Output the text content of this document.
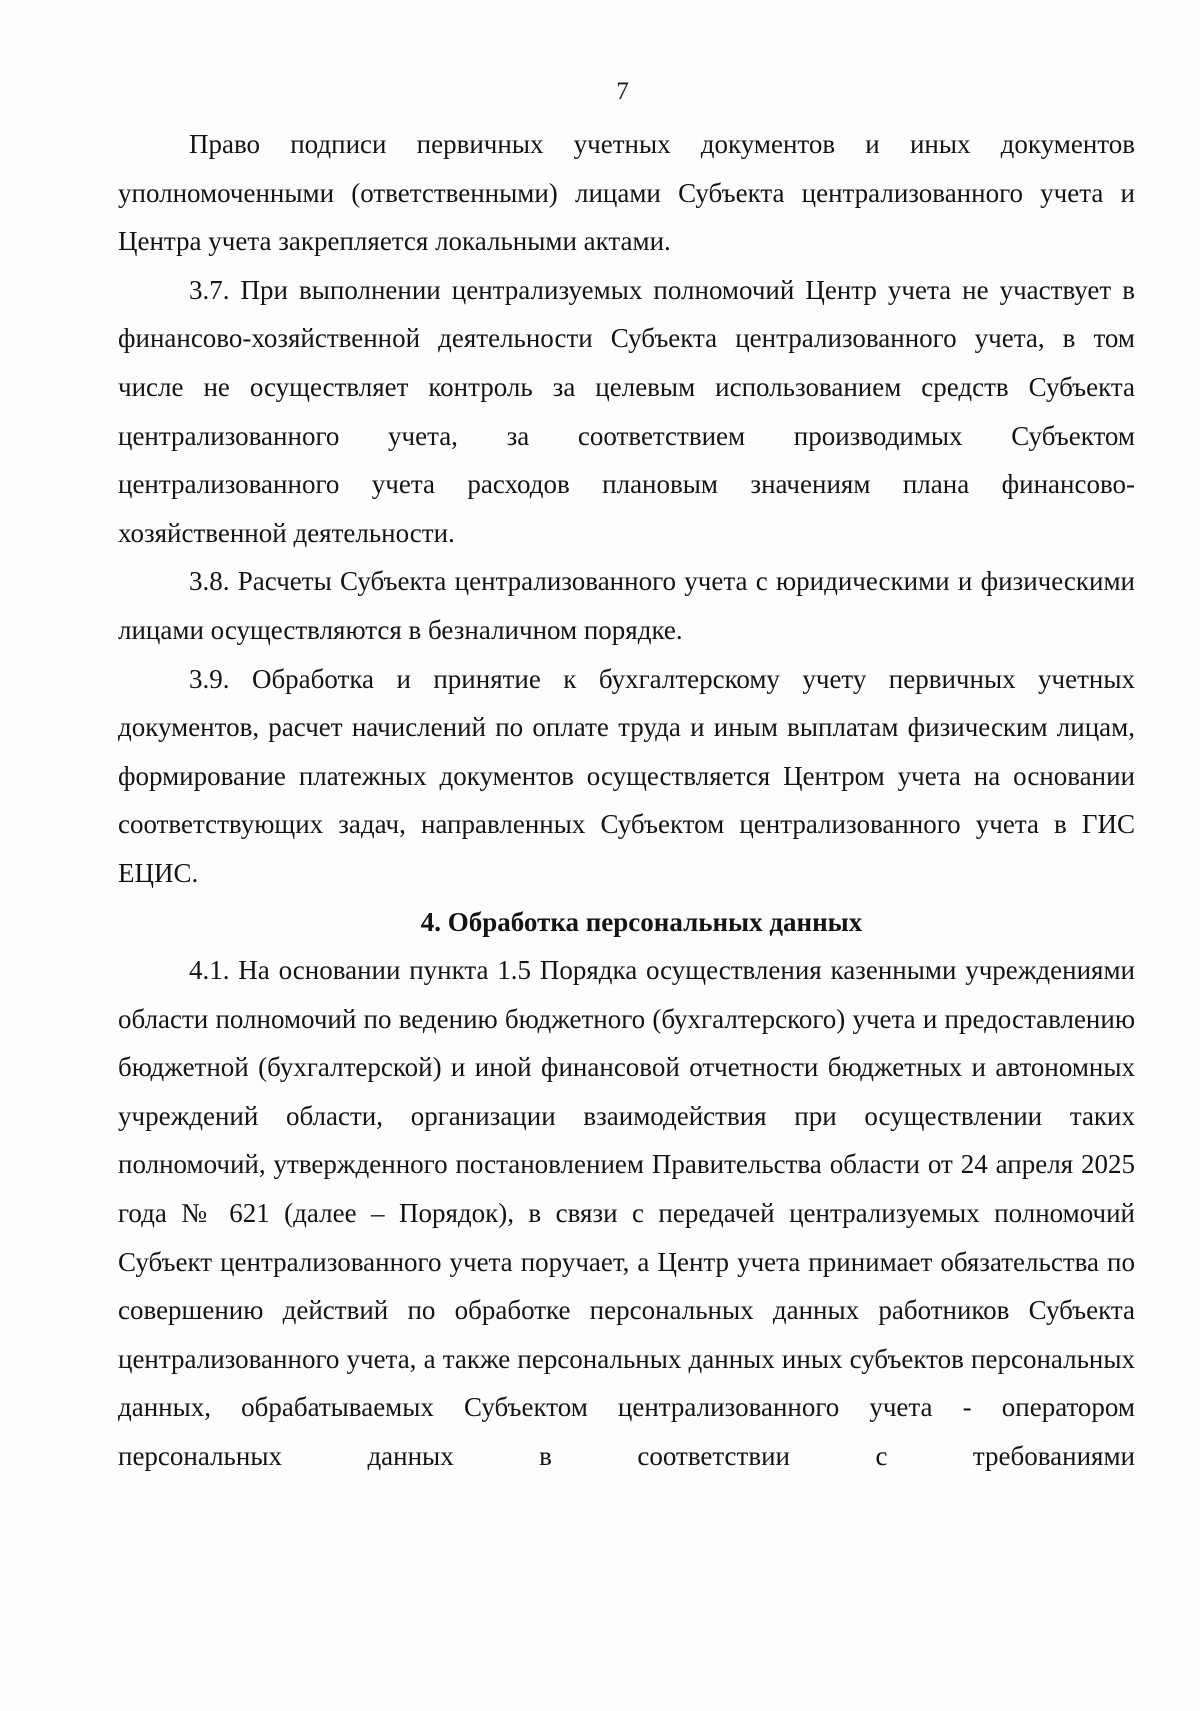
7

Право подписи первичных учетных документов и иных документов уполномоченными (ответственными) лицами Субъекта централизованного учета и Центра учета закрепляется локальными актами.

3.7. При выполнении централизуемых полномочий Центр учета не участвует в финансово-хозяйственной деятельности Субъекта централизованного учета, в том числе не осуществляет контроль за целевым использованием средств Субъекта централизованного учета, за соответствием производимых Субъектом централизованного учета расходов плановым значениям плана финансово-хозяйственной деятельности.

3.8. Расчеты Субъекта централизованного учета с юридическими и физическими лицами осуществляются в безналичном порядке.

3.9. Обработка и принятие к бухгалтерскому учету первичных учетных документов, расчет начислений по оплате труда и иным выплатам физическим лицам, формирование платежных документов осуществляется Центром учета на основании соответствующих задач, направленных Субъектом централизованного учета в ГИС ЕЦИС.

4. Обработка персональных данных

4.1. На основании пункта 1.5 Порядка осуществления казенными учреждениями области полномочий по ведению бюджетного (бухгалтерского) учета и предоставлению бюджетной (бухгалтерской) и иной финансовой отчетности бюджетных и автономных учреждений области, организации взаимодействия при осуществлении таких полномочий, утвержденного постановлением Правительства области от 24 апреля 2025 года № 621 (далее – Порядок), в связи с передачей централизуемых полномочий Субъект централизованного учета поручает, а Центр учета принимает обязательства по совершению действий по обработке персональных данных работников Субъекта централизованного учета, а также персональных данных иных субъектов персональных данных, обрабатываемых Субъектом централизованного учета - оператором персональных данных в соответствии с требованиями
